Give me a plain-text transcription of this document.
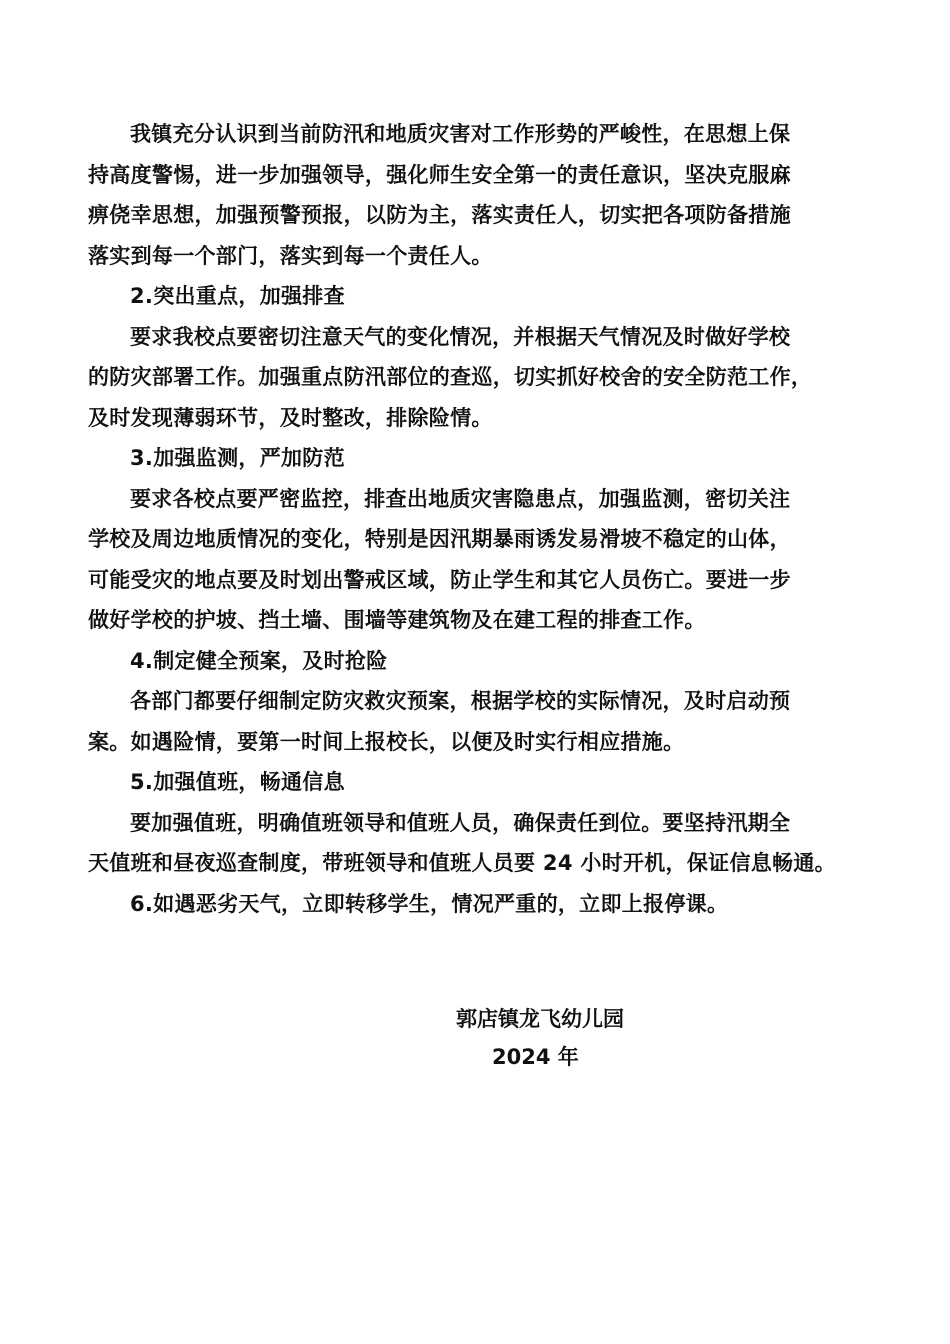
我镇充分认识到当前防汛和地质灾害对工作形势的严峻性，在思想上保
持高度警惕，进一步加强领导，强化师生安全第一的责任意识，坚决克服麻
痹侥幸思想，加强预警预报，以防为主，落实责任人，切实把各项防备措施
落实到每一个部门，落实到每一个责任人。
2.突出重点，加强排查
要求我校点要密切注意天气的变化情况，并根据天气情况及时做好学校
的防灾部署工作。加强重点防汛部位的查巡，切实抓好校舍的安全防范工作，
及时发现薄弱环节，及时整改，排除险情。
3.加强监测，严加防范
要求各校点要严密监控，排查出地质灾害隐患点，加强监测，密切关注
学校及周边地质情况的变化，特别是因汛期暴雨诱发易滑坡不稳定的山体，
可能受灾的地点要及时划出警戒区域，防止学生和其它人员伤亡。要进一步
做好学校的护坡、挡土墙、围墙等建筑物及在建工程的排查工作。
4.制定健全预案，及时抢险
各部门都要仔细制定防灾救灾预案，根据学校的实际情况，及时启动预
案。如遇险情，要第一时间上报校长，以便及时实行相应措施。
5.加强值班，畅通信息
要加强值班，明确值班领导和值班人员，确保责任到位。要坚持汛期全
天值班和昼夜巡查制度，带班领导和值班人员要 24 小时开机，保证信息畅通。
6.如遇恶劣天气，立即转移学生，情况严重的，立即上报停课。
郭店镇龙飞幼儿园
2024 年
